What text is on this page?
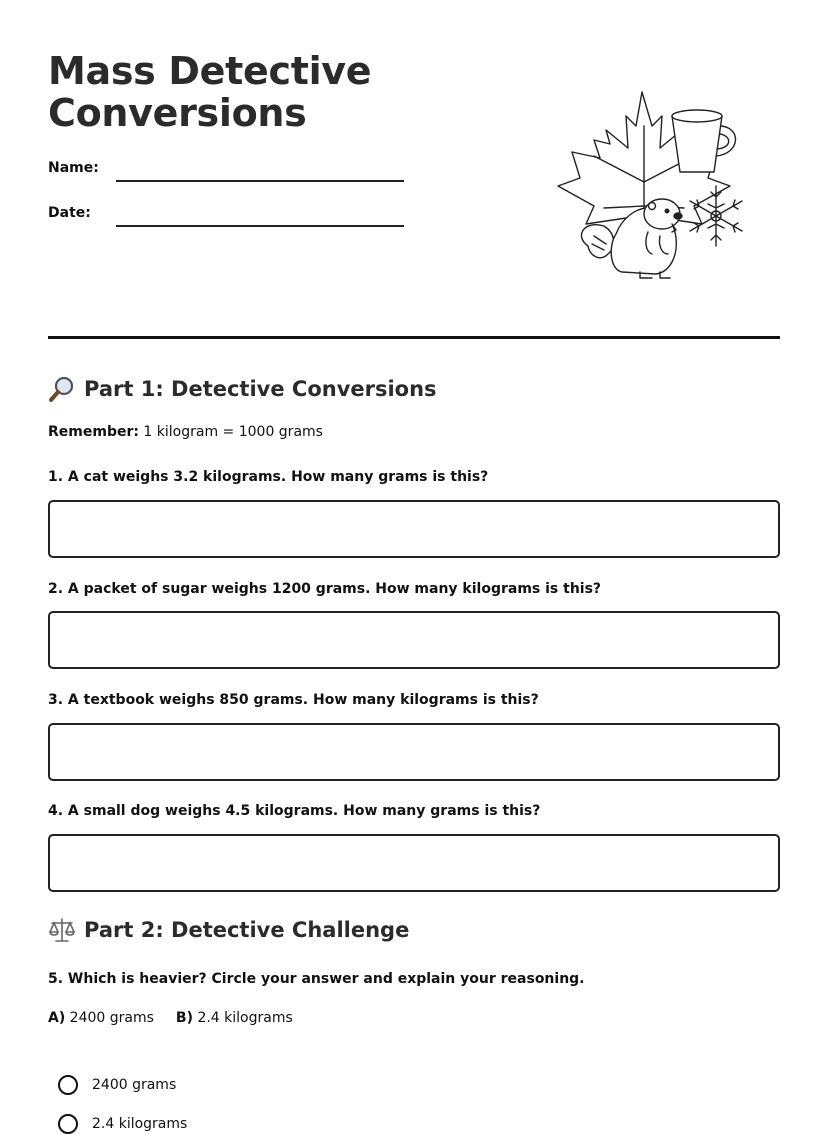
Mass Detective
Conversions
Name:
Date:
Part 1: Detective Conversions
Remember: 1 kilogram = 1000 grams
1. A cat weighs 3.2 kilograms. How many grams is this?
2. A packet of sugar weighs 1200 grams. How many kilograms is this?
3. A textbook weighs 850 grams. How many kilograms is this?
4. A small dog weighs 4.5 kilograms. How many grams is this?
Part 2: Detective Challenge
5. Which is heavier? Circle your answer and explain your reasoning.
A) 2400 grams B) 2.4 kilograms
2400 grams
2.4 kilograms
